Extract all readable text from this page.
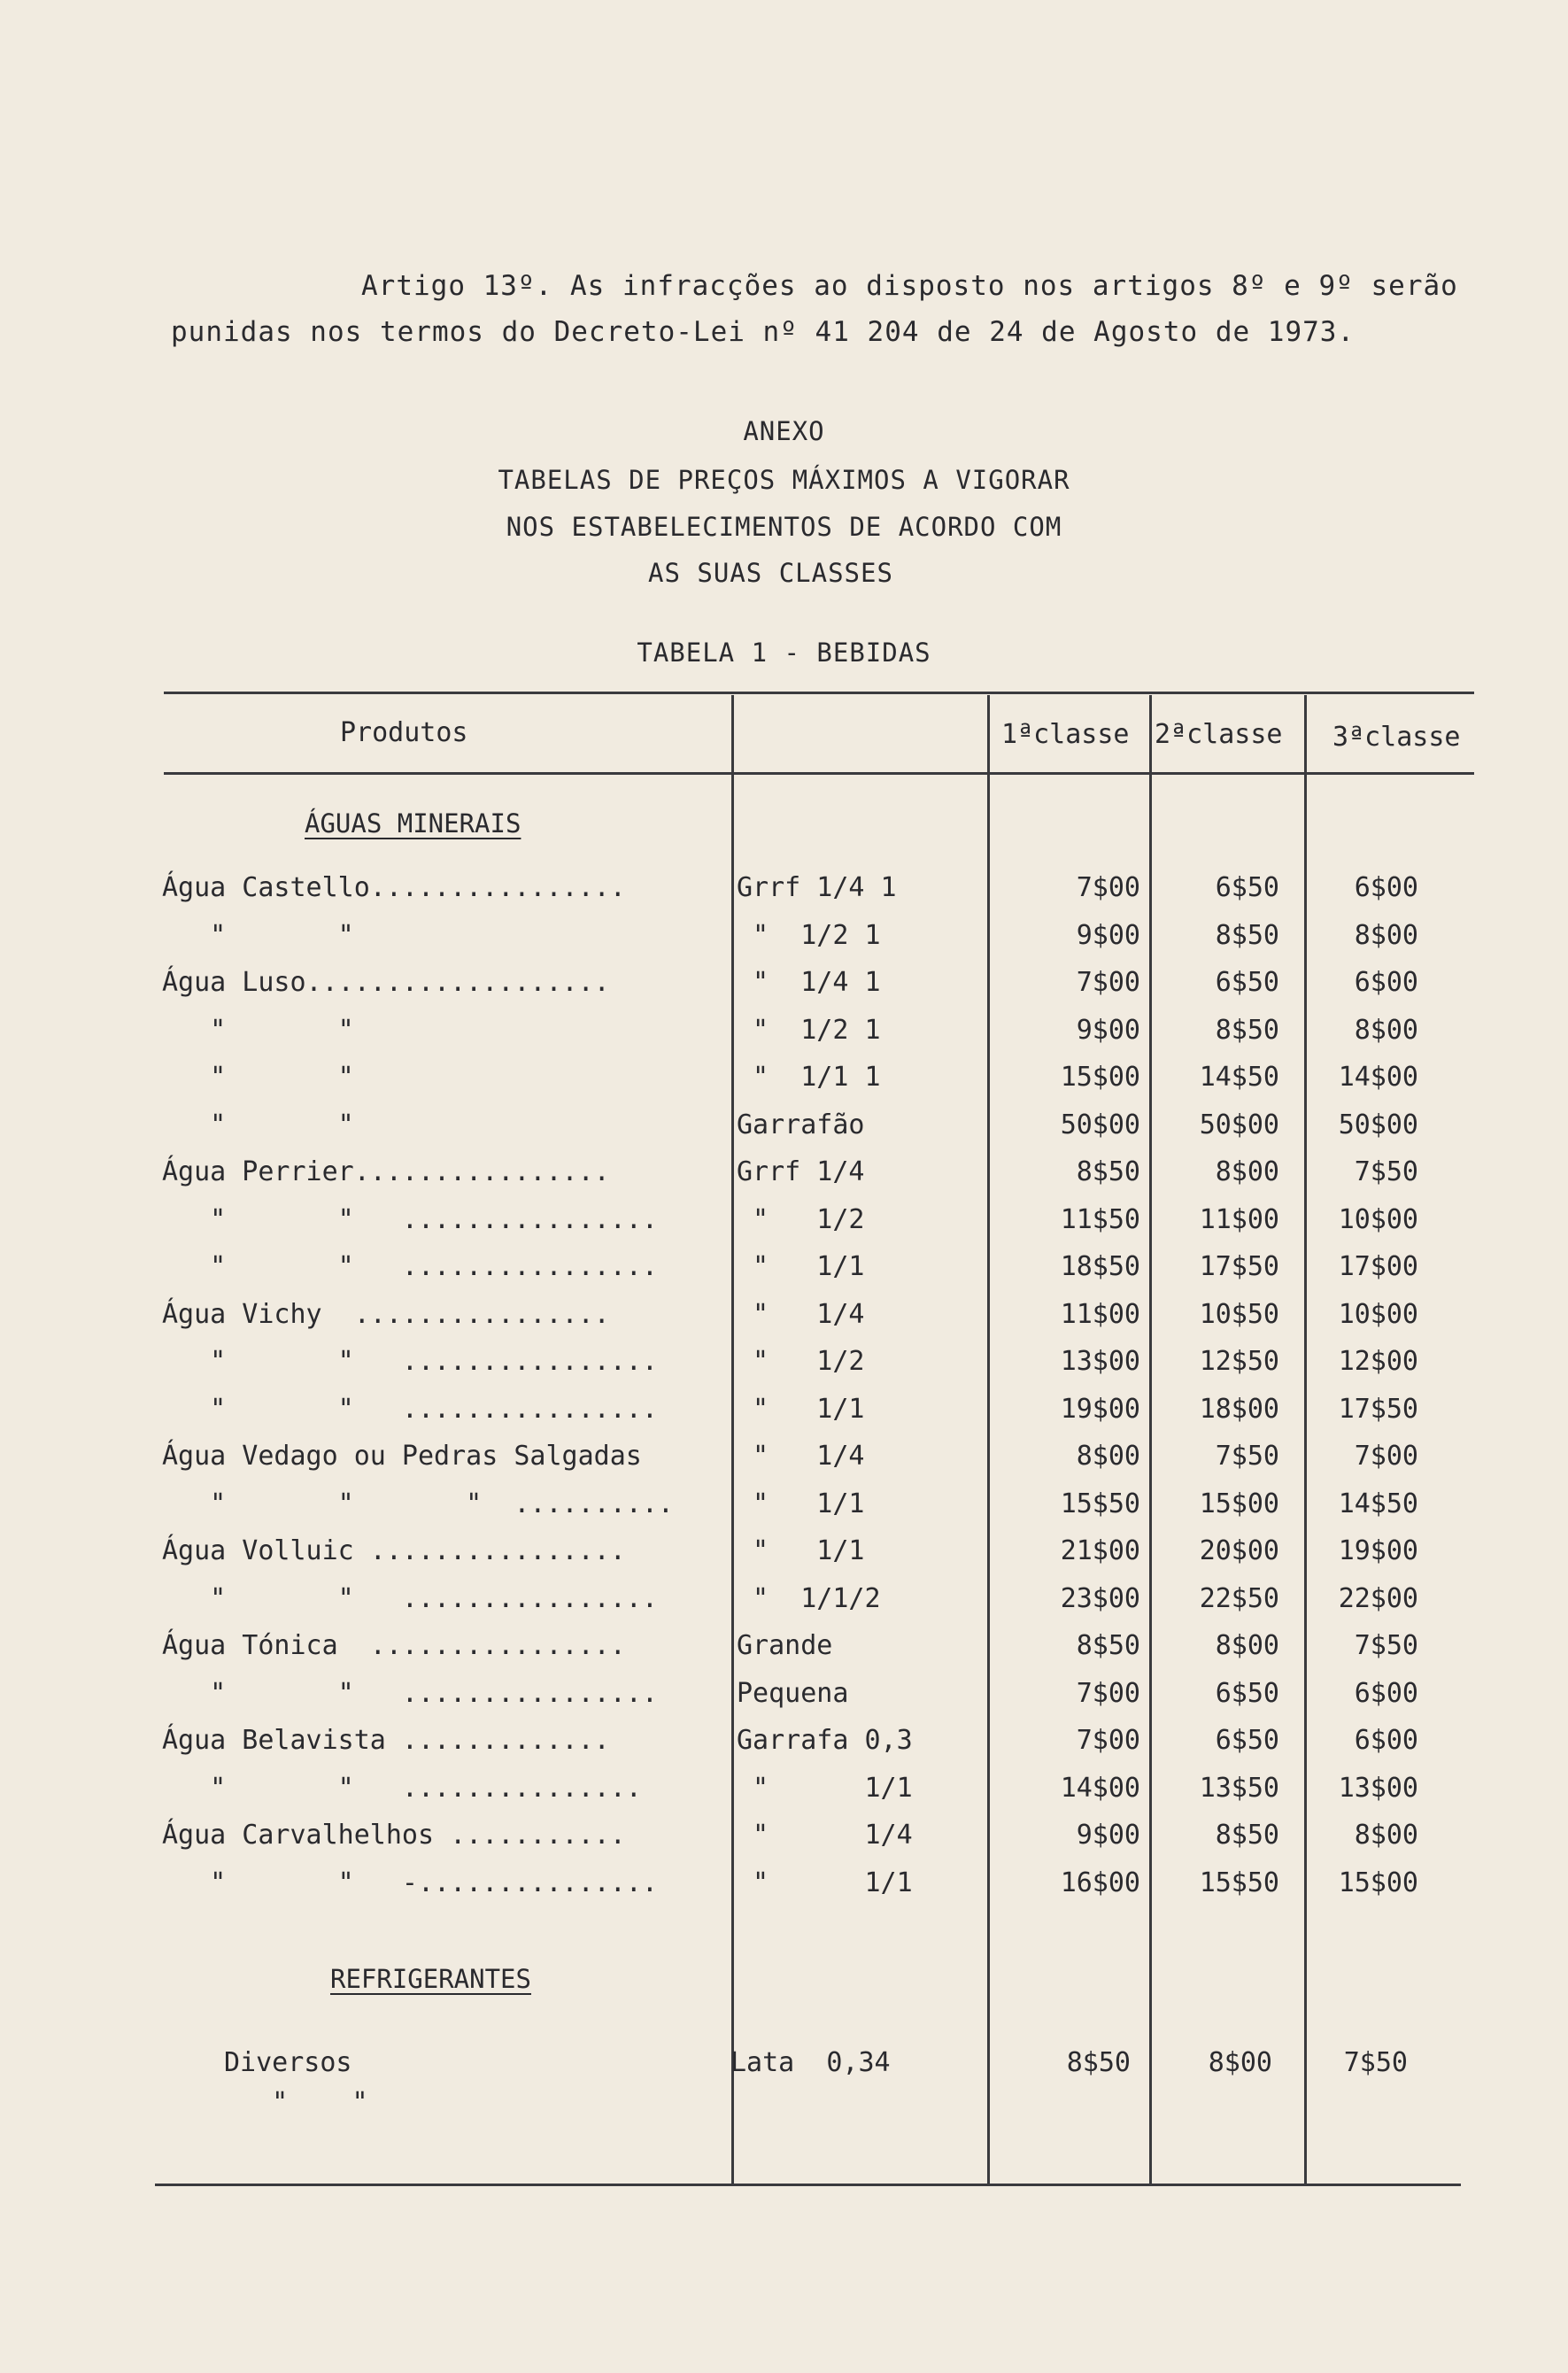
Artigo 13º. As infracções ao disposto nos artigos 8º e 9º serão
punidas nos termos do Decreto-Lei nº 41 204 de 24 de Agosto de 1973.
ANEXO
TABELAS DE PREÇOS MÁXIMOS A VIGORAR
NOS ESTABELECIMENTOS DE ACORDO COM
AS SUAS CLASSES
TABELA 1 - BEBIDAS
Produtos	1ªclasse 2ªclasse 3ªclasse
ÁGUAS MINERAIS
REFRIGERANTES
Água Castello................	Grrf 1/4 1	7$00	6$50	6$00
"       "	"  1/2 1	9$00	8$50	8$00
Água Luso...................	"  1/4 1	7$00	6$50	6$00
"       "	"  1/2 1	9$00	8$50	8$00
"       "	"  1/1 1	15$00	14$50	14$00
"       "	Garrafão	50$00	50$00	50$00
Água Perrier................	Grrf 1/4	8$50	8$00	7$50
"       "   ................	"   1/2	11$50	11$00	10$00
"       "   ................	"   1/1	18$50	17$50	17$00
Água Vichy  ................	"   1/4	11$00	10$50	10$00
"       "   ................	"   1/2	13$00	12$50	12$00
"       "   ................	"   1/1	19$00	18$00	17$50
Água Vedago ou Pedras Salgadas	"   1/4	8$00	7$50	7$00
"       "       "  .......... "   1/1	15$50	15$00	14$50
Água Volluic ................	"   1/1	21$00	20$00	19$00
"       "   ................	"  1/1/2	23$00	22$50	22$00
Água Tónica  ................	Grande	8$50	8$00	7$50
"       "   ................	Pequena	7$00	6$50	6$00
Água Belavista .............	Garrafa 0,3	7$00	6$50	6$00
"       "   ...............	"      1/1	14$00	13$50	13$00
Água Carvalhelhos ...........	"      1/4	9$00	8$50	8$00
"       "   -...............	"      1/1	16$00	15$50	15$00
Diversos	Lata  0,34	8$50	8$00	7$50
"    "
